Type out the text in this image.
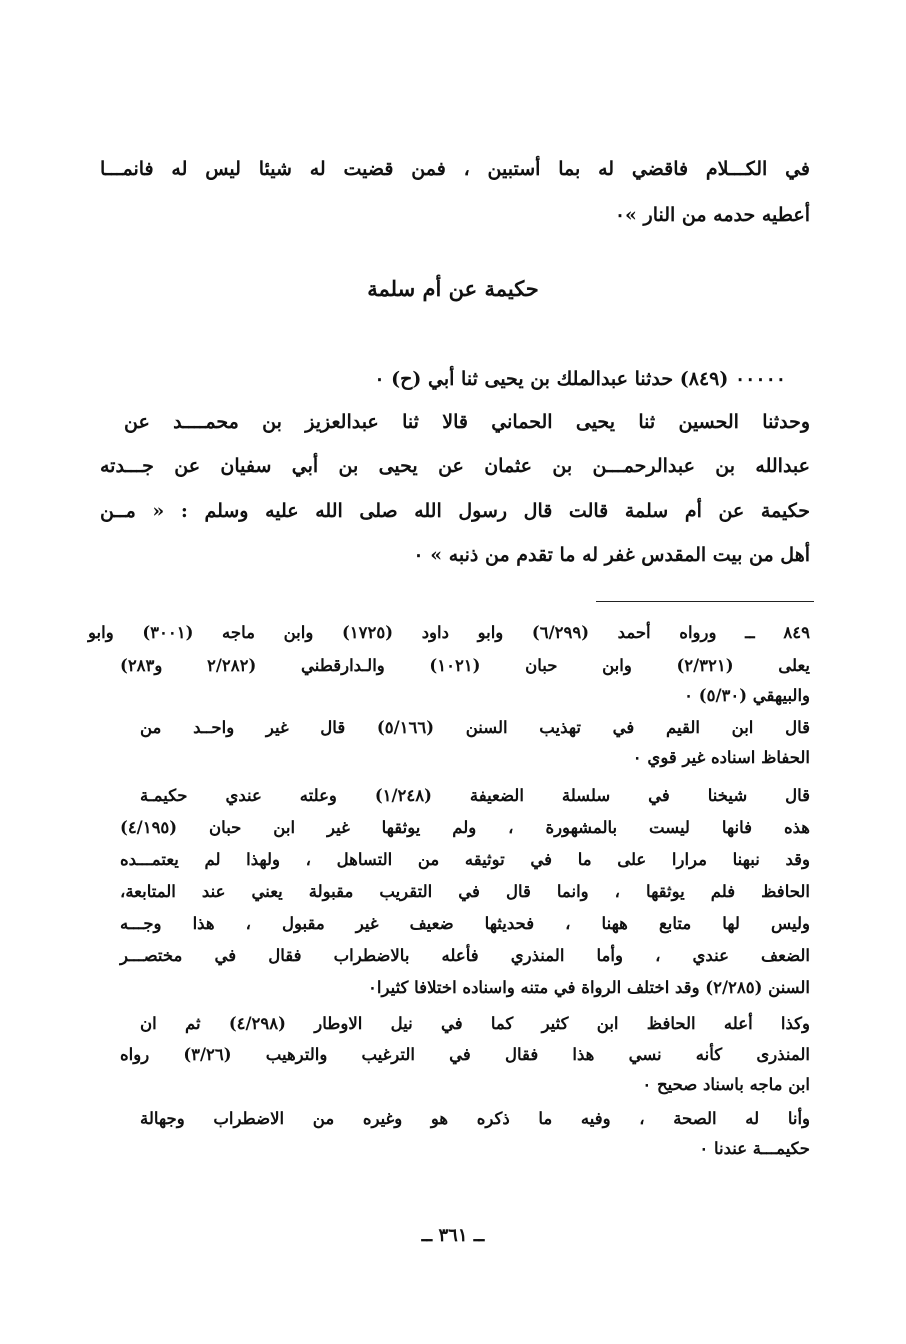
في الكـــلام فاقضي له بما أستبين ، فمن قضيت له شيئا ليس له فانمـــا
أعطيه حدمه من النار »٠
حكيمة عن أم سلمة
٠٠٠٠٠ (٨٤٩) حدثنا عبدالملك بن يحيى ثنا أبي (ح) ٠
وحدثنا الحسين ثنا يحيى الحماني قالا ثنا عبدالعزيز بن محمــــد عن
عبدالله بن عبدالرحمـــن بن عثمان عن يحيى بن أبي سفيان عن جـــدته
حكيمة عن أم سلمة قالت قال رسول الله صلى الله عليه وسلم : « مــن
أهل من بيت المقدس غفر له ما تقدم من ذنبه » ٠
٨٤٩ ــ ورواه أحمد (٦/٢٩٩) وابو داود (١٧٢٥) وابن ماجه (٣٠٠١) وابو
يعلى (٢/٣٢١) وابن حبان (١٠٢١) والـدارقطني (٢/٢٨٢ و٢٨٣)
والبيهقي (٥/٣٠) ٠
قال ابن القيم في تهذيب السنن (٥/١٦٦) قال غير واحــد من
الحفاظ اسناده غير قوي ٠
قال شيخنا في سلسلة الضعيفة (١/٢٤٨) وعلته عندي حكيمـة
هذه فانها ليست بالمشهورة ، ولم يوثقها غير ابن حبان (٤/١٩٥)
وقد نبهنا مرارا على ما في توثيقه من التساهل ، ولهذا لم يعتمـــده
الحافظ فلم يوثقها ، وانما قال في التقريب مقبولة يعني عند المتابعة،
وليس لها متابع ههنا ، فحديثها ضعيف غير مقبول ، هذا وجـــه
الضعف عندي ، وأما المنذري فأعله بالاضطراب فقال في مختصـــر
السنن (٢/٢٨٥) وقد اختلف الرواة في متنه واسناده اختلافا كثيرا٠
وكذا أعله الحافظ ابن كثير كما في نيل الاوطار (٤/٢٩٨) ثم ان
المنذرى كأنه نسي هذا فقال في الترغيب والترهيب (٣/٢٦) رواه
ابن ماجه باسناد صحيح ٠
وأنا له الصحة ، وفيه ما ذكره هو وغيره من الاضطراب وجهالة
حكيمـــة عندنا ٠
ــ ٣٦١ ــ
